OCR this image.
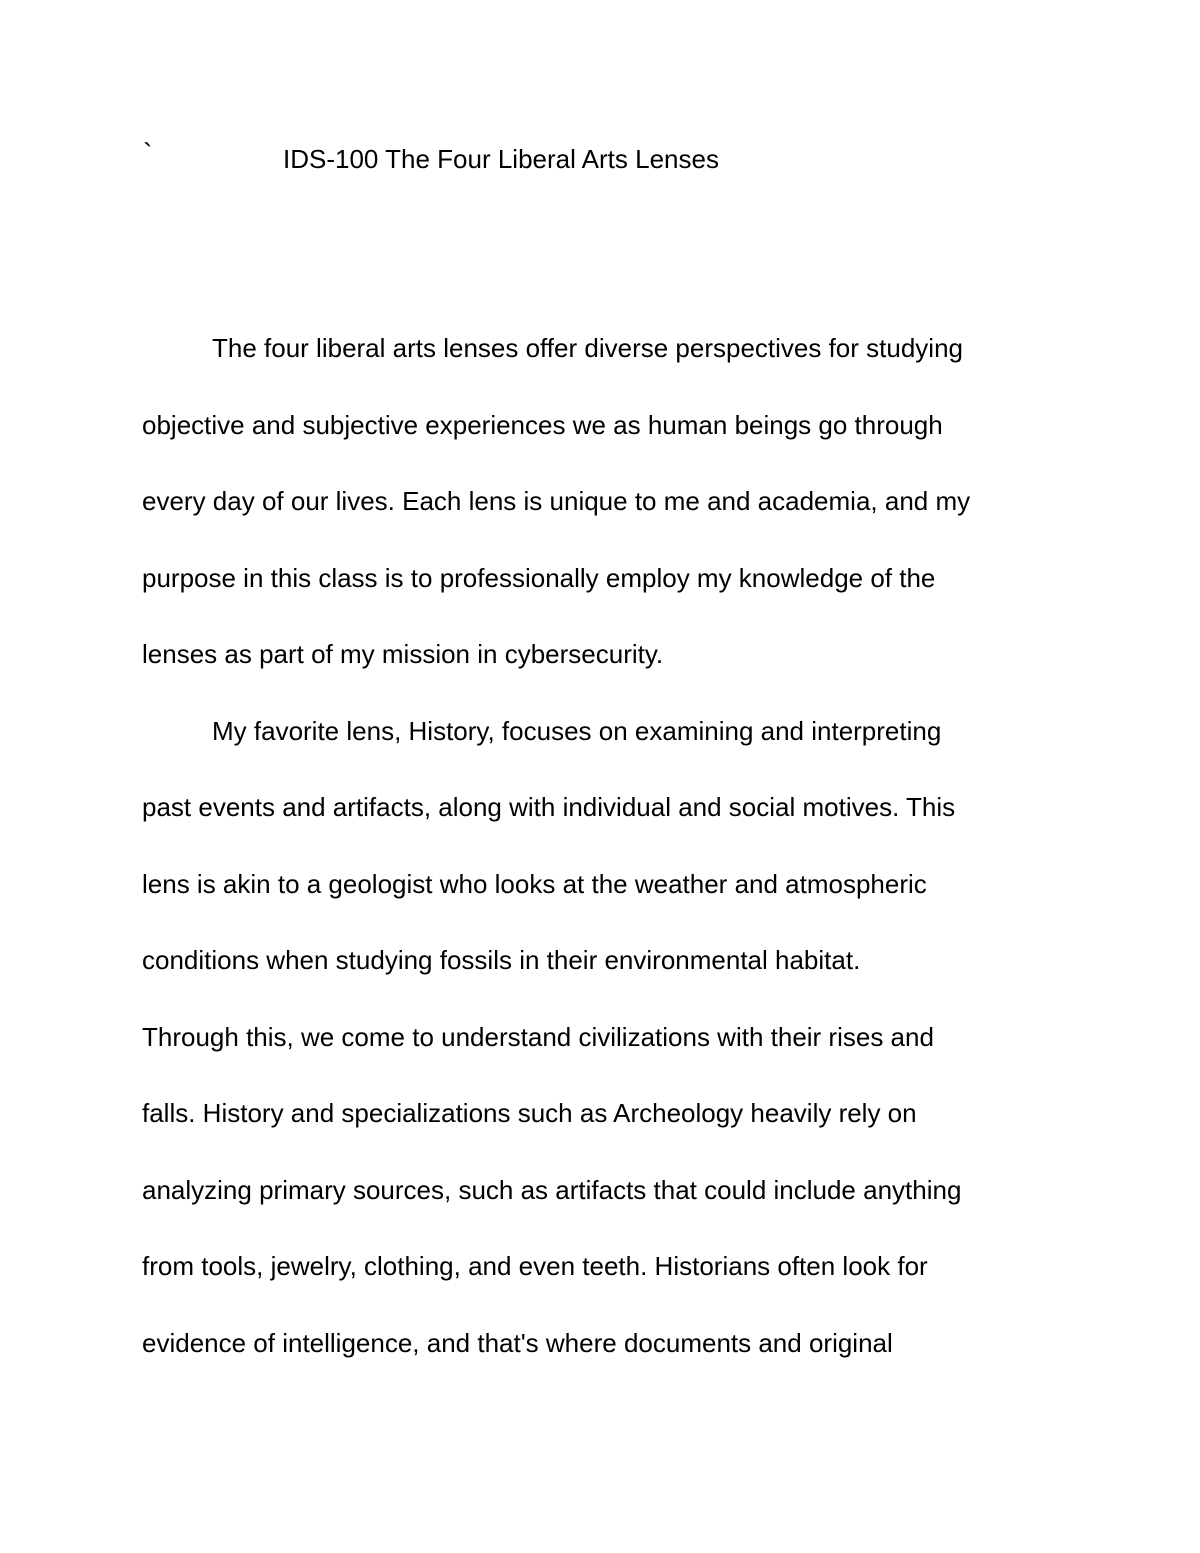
`	IDS-100 The Four Liberal Arts Lenses

The four liberal arts lenses offer diverse perspectives for studying
objective and subjective experiences we as human beings go through
every day of our lives. Each lens is unique to me and academia, and my
purpose in this class is to professionally employ my knowledge of the
lenses as part of my mission in cybersecurity.

My favorite lens, History, focuses on examining and interpreting
past events and artifacts, along with individual and social motives. This
lens is akin to a geologist who looks at the weather and atmospheric
conditions when studying fossils in their environmental habitat.
Through this, we come to understand civilizations with their rises and
falls. History and specializations such as Archeology heavily rely on
analyzing primary sources, such as artifacts that could include anything
from tools, jewelry, clothing, and even teeth. Historians often look for
evidence of intelligence, and that's where documents and original
